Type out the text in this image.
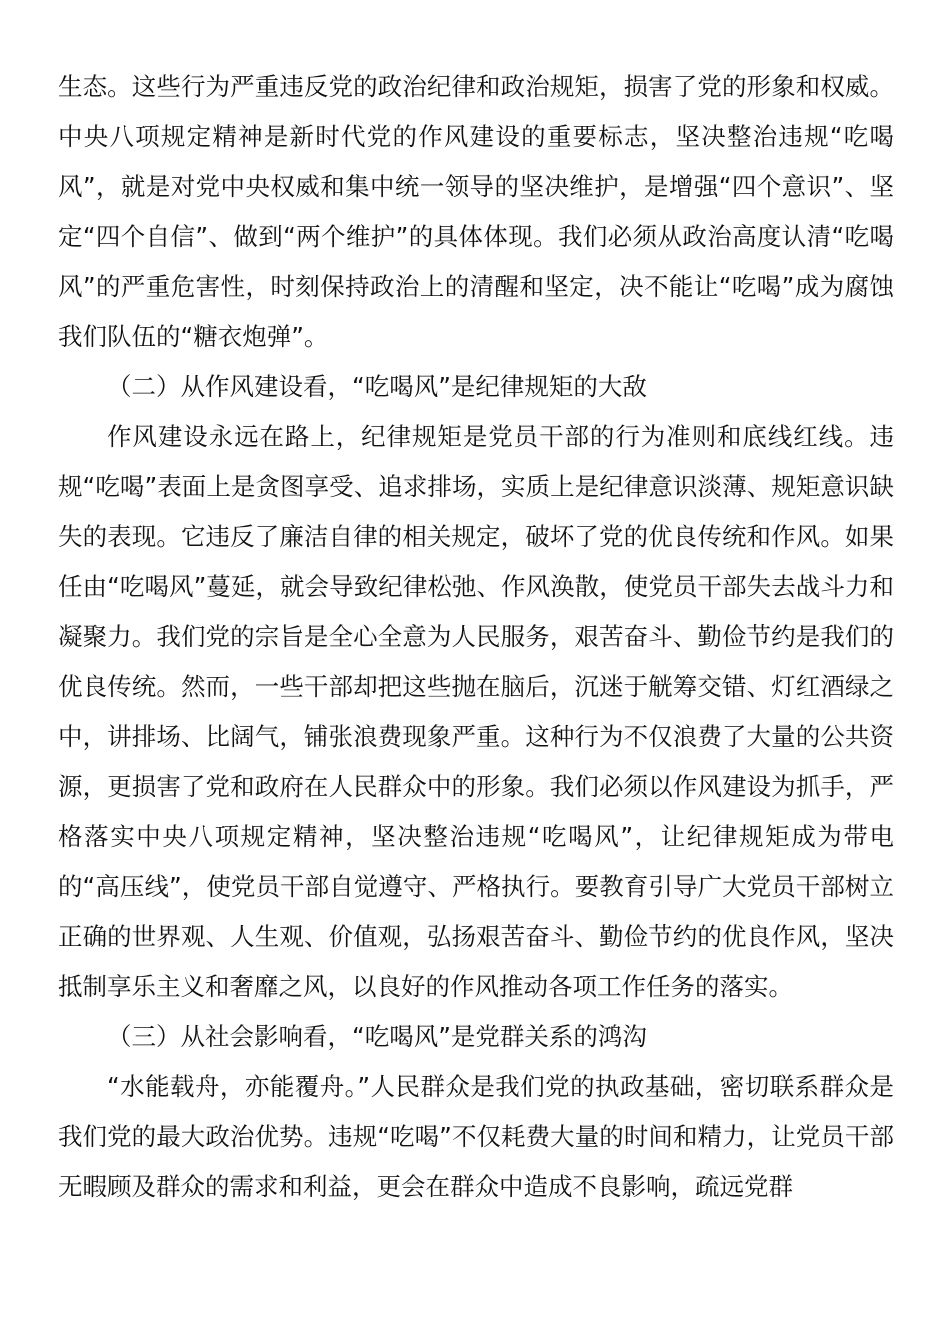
生态。这些行为严重违反党的政治纪律和政治规矩，损害了党的形象和权威。中央八项规定精神是新时代党的作风建设的重要标志，坚决整治违规“吃喝风”，就是对党中央权威和集中统一领导的坚决维护，是增强“四个意识”、坚定“四个自信”、做到“两个维护”的具体体现。我们必须从政治高度认清“吃喝风”的严重危害性，时刻保持政治上的清醒和坚定，决不能让“吃喝”成为腐蚀我们队伍的“糖衣炮弹”。

（二）从作风建设看，“吃喝风”是纪律规矩的大敌

作风建设永远在路上，纪律规矩是党员干部的行为准则和底线红线。违规“吃喝”表面上是贪图享受、追求排场，实质上是纪律意识淡薄、规矩意识缺失的表现。它违反了廉洁自律的相关规定，破坏了党的优良传统和作风。如果任由“吃喝风”蔓延，就会导致纪律松弛、作风涣散，使党员干部失去战斗力和凝聚力。我们党的宗旨是全心全意为人民服务，艰苦奋斗、勤俭节约是我们的优良传统。然而，一些干部却把这些抛在脑后，沉迷于觥筹交错、灯红酒绿之中，讲排场、比阔气，铺张浪费现象严重。这种行为不仅浪费了大量的公共资源，更损害了党和政府在人民群众中的形象。我们必须以作风建设为抓手，严格落实中央八项规定精神，坚决整治违规“吃喝风”，让纪律规矩成为带电的“高压线”，使党员干部自觉遵守、严格执行。要教育引导广大党员干部树立正确的世界观、人生观、价值观，弘扬艰苦奋斗、勤俭节约的优良作风，坚决抵制享乐主义和奢靡之风，以良好的作风推动各项工作任务的落实。

（三）从社会影响看，“吃喝风”是党群关系的鸿沟

“水能载舟，亦能覆舟。”人民群众是我们党的执政基础，密切联系群众是我们党的最大政治优势。违规“吃喝”不仅耗费大量的时间和精力，让党员干部无暇顾及群众的需求和利益，更会在群众中造成不良影响，疏远党群
